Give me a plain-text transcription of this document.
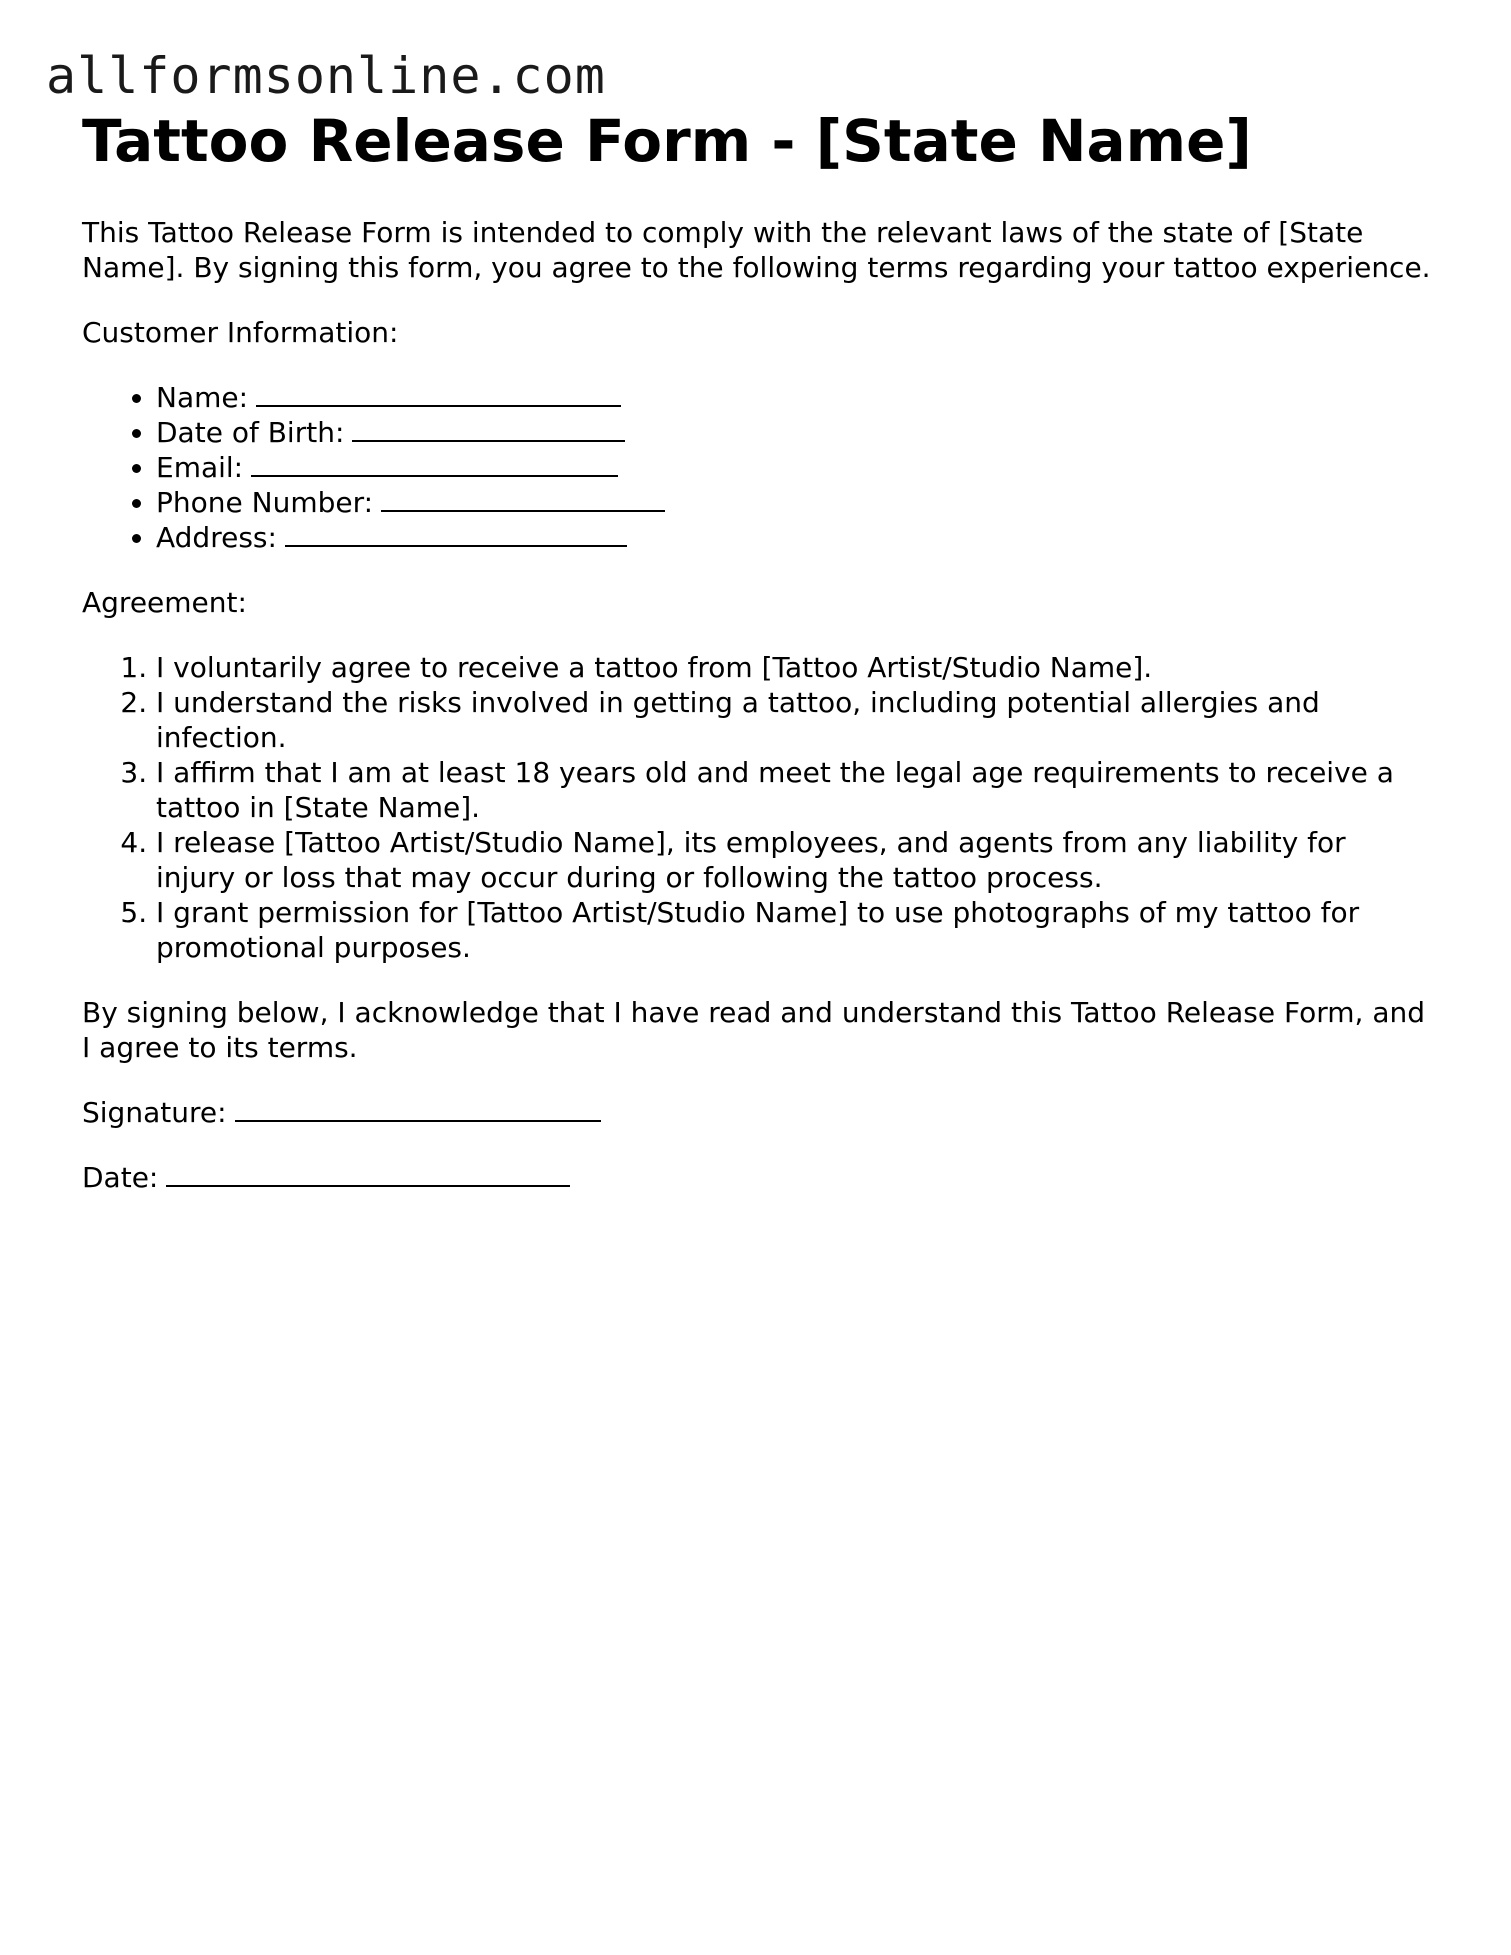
allformsonline.com
Tattoo Release Form - [State Name]

This Tattoo Release Form is intended to comply with the relevant laws of the state of [State Name]. By signing this form, you agree to the following terms regarding your tattoo experience.

Customer Information:

• Name:
• Date of Birth:
• Email:
• Phone Number:
• Address:

Agreement:

1. I voluntarily agree to receive a tattoo from [Tattoo Artist/Studio Name].
2. I understand the risks involved in getting a tattoo, including potential allergies and infection.
3. I affirm that I am at least 18 years old and meet the legal age requirements to receive a tattoo in [State Name].
4. I release [Tattoo Artist/Studio Name], its employees, and agents from any liability for injury or loss that may occur during or following the tattoo process.
5. I grant permission for [Tattoo Artist/Studio Name] to use photographs of my tattoo for promotional purposes.

By signing below, I acknowledge that I have read and understand this Tattoo Release Form, and I agree to its terms.

Signature:

Date:
